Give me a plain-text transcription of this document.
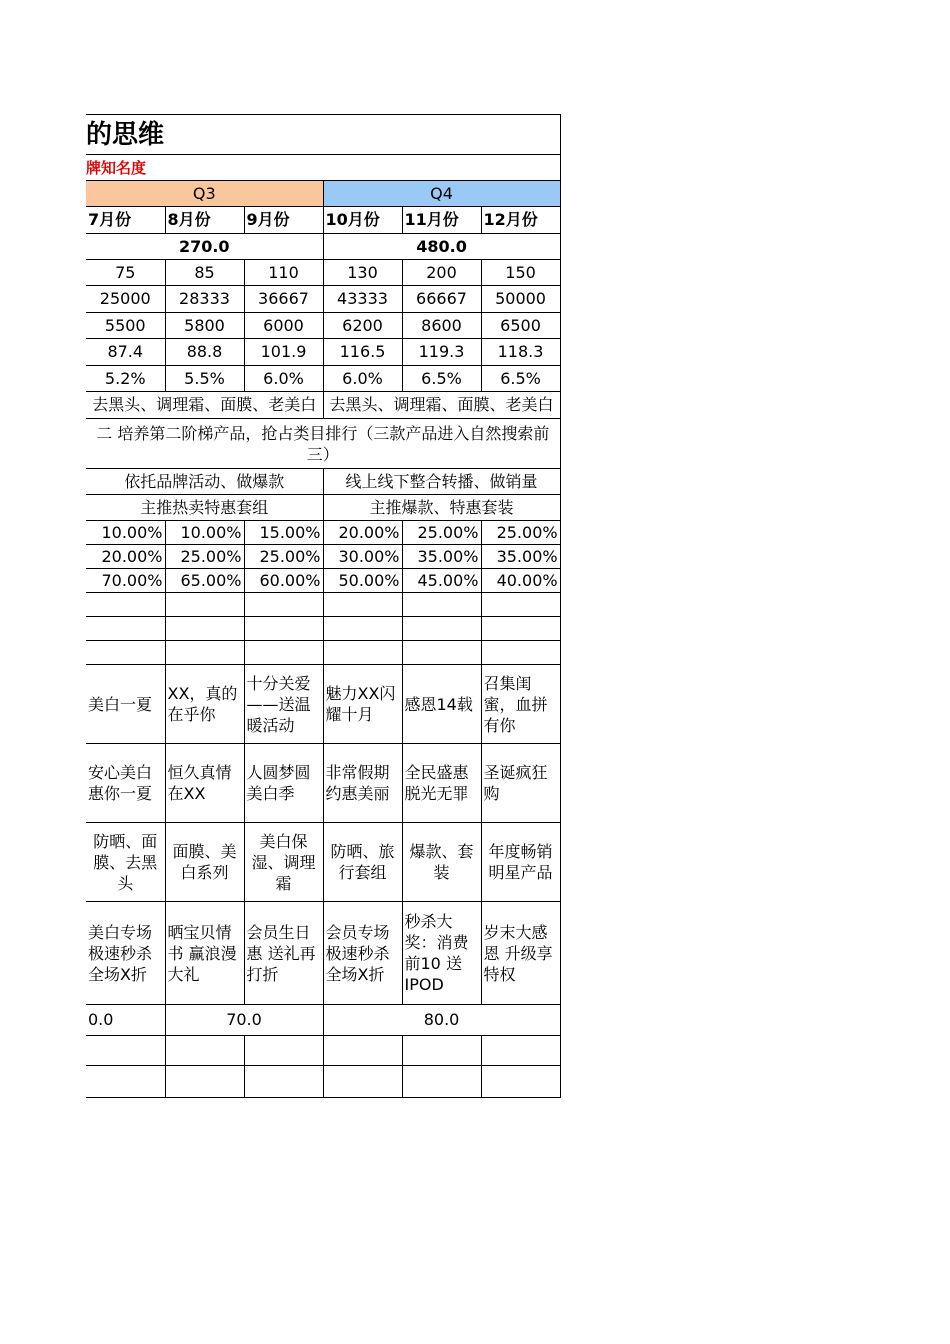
的思维					
牌知名度					
Q3			Q4		
7月份	8月份	9月份	10月份	11月份	12月份
270.0			480.0		
75	85	110	130	200	150
25000	28333	36667	43333	66667	50000
5500	5800	6000	6200	8600	6500
87.4	88.8	101.9	116.5	119.3	118.3
5.2%	5.5%	6.0%	6.0%	6.5%	6.5%
去黑头、调理霜、面膜、老美白			去黑头、调理霜、面膜、老美白		
二 培养第二阶梯产品，抢占类目排行（三款产品进入自然搜索前三）					
依托品牌活动、做爆款			线上线下整合转播、做销量		
主推热卖特惠套组			主推爆款、特惠套装		
10.00%	10.00%	15.00%	20.00%	25.00%	25.00%
20.00%	25.00%	25.00%	30.00%	35.00%	35.00%
70.00%	65.00%	60.00%	50.00%	45.00%	40.00%

美白一夏	XX，真的在乎你	十分关爱——送温暖活动	魅力XX闪耀十月	感恩14载	召集闺蜜，血拼有你
安心美白惠你一夏	恒久真情在XX	人圆梦圆 美白季	非常假期约惠美丽	全民盛惠脱光无罪	圣诞疯狂购
防晒、面膜、去黑头	面膜、美白系列	美白保湿、调理霜	防晒、旅行套组	爆款、套装	年度畅销明星产品
美白专场极速秒杀全场X折	晒宝贝情书 赢浪漫大礼	会员生日惠 送礼再打折	会员专场极速秒杀全场X折	秒杀大奖：消费前10 送IPOD	岁末大感恩 升级享特权
0.0	70.0		80.0		
